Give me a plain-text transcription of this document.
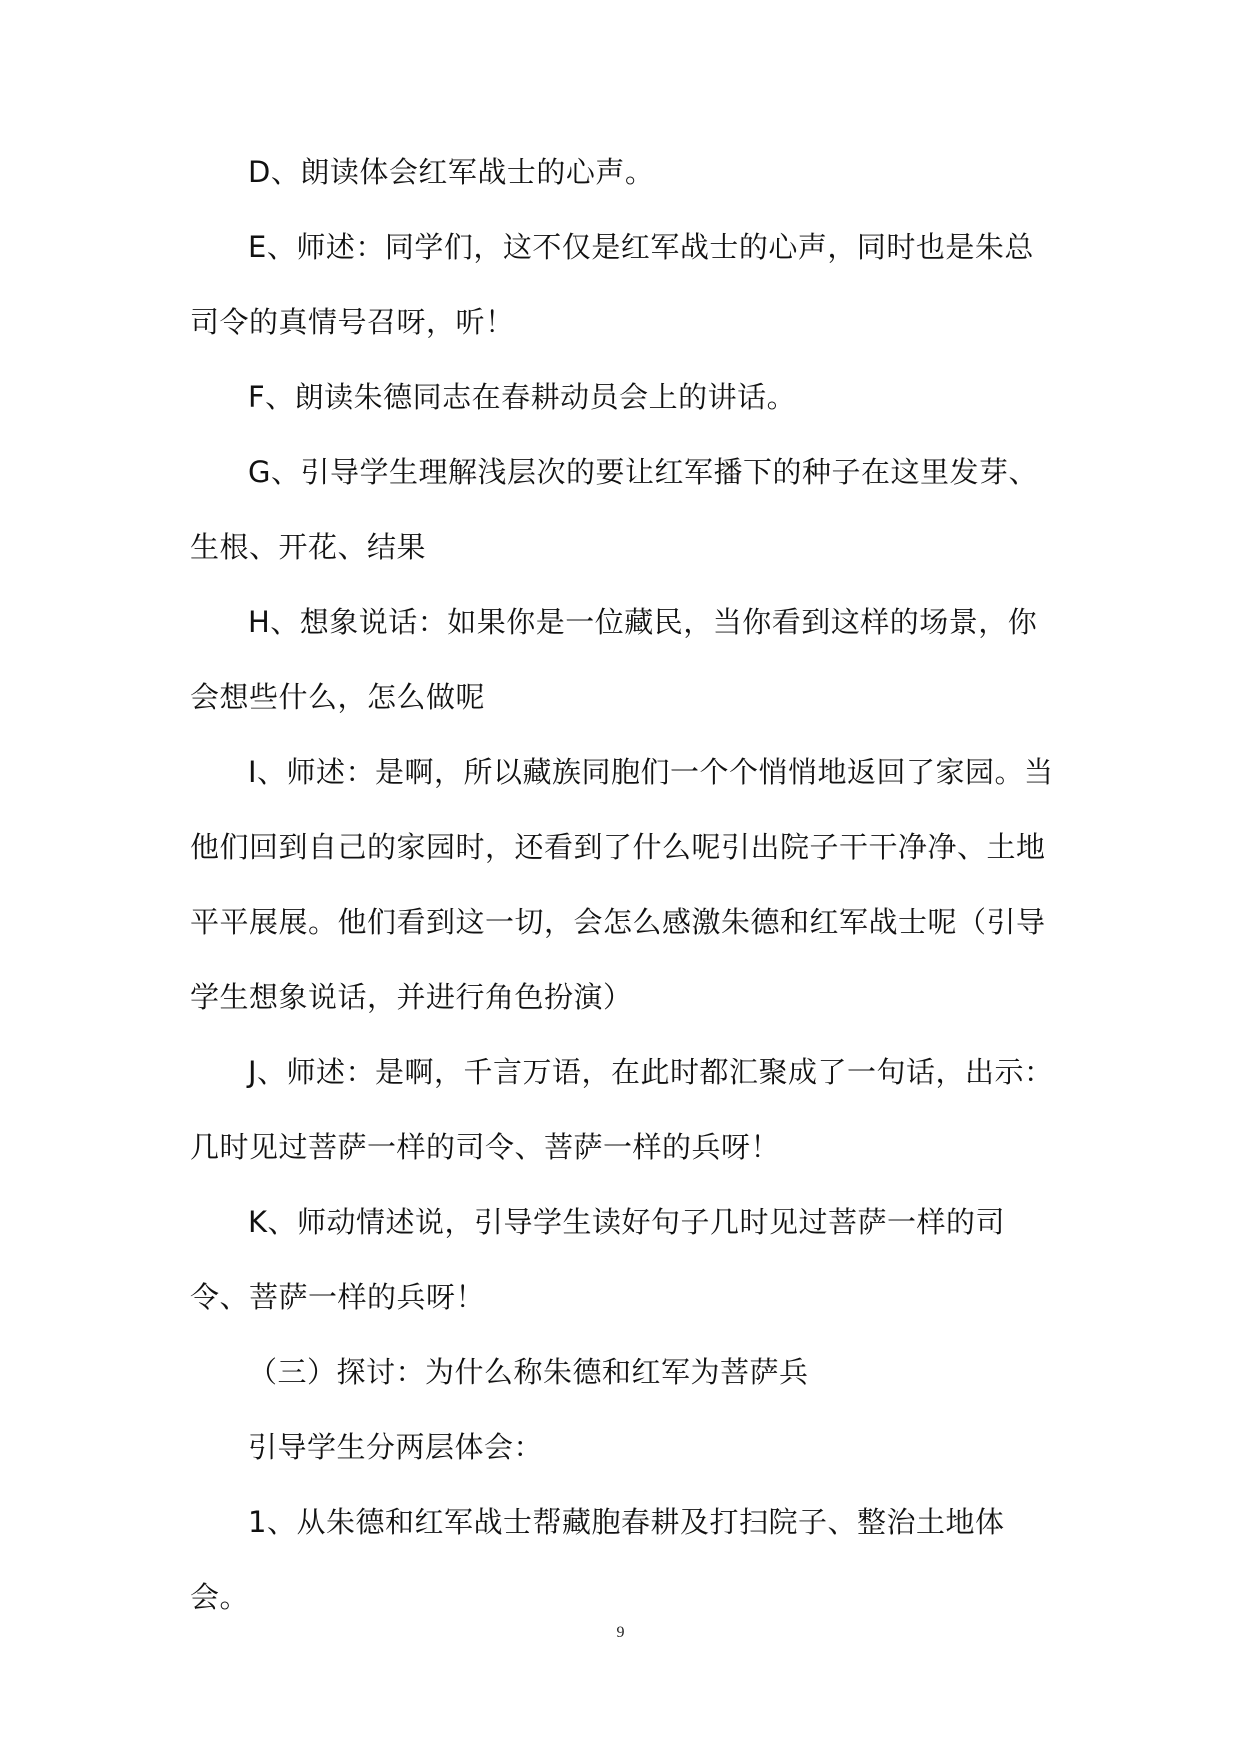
D、朗读体会红军战士的心声。

E、师述：同学们，这不仅是红军战士的心声，同时也是朱总司令的真情号召呀，听！

F、朗读朱德同志在春耕动员会上的讲话。

G、引导学生理解浅层次的要让红军播下的种子在这里发芽、生根、开花、结果

H、想象说话：如果你是一位藏民，当你看到这样的场景，你会想些什么，怎么做呢

I、师述：是啊，所以藏族同胞们一个个悄悄地返回了家园。当他们回到自己的家园时，还看到了什么呢引出院子干干净净、土地平平展展。他们看到这一切，会怎么感激朱德和红军战士呢（引导学生想象说话，并进行角色扮演）

J、师述：是啊，千言万语，在此时都汇聚成了一句话，出示：几时见过菩萨一样的司令、菩萨一样的兵呀！

K、师动情述说，引导学生读好句子几时见过菩萨一样的司令、菩萨一样的兵呀！

（三）探讨：为什么称朱德和红军为菩萨兵

引导学生分两层体会：

1、从朱德和红军战士帮藏胞春耕及打扫院子、整治土地体会。

9
